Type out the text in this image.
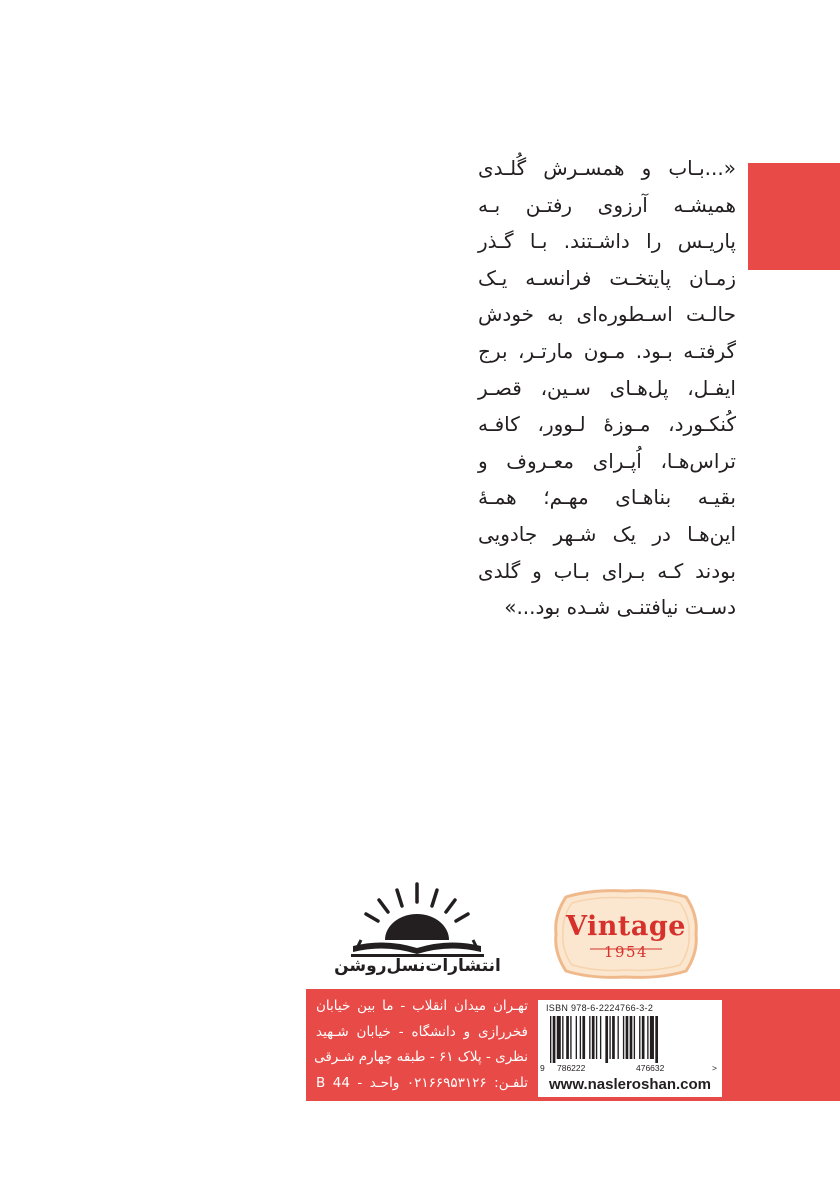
«...بـاب و همسـرش گُلـدی
همیشـه آرزوی رفتـن بـه
پاریـس را داشـتند. بـا گـذر
زمـان پایتخـت فرانسـه یـک
حالـت اسـطوره‌ای به خودش
گرفتـه بـود. مـون مارتـر، برج
ایفـل، پل‌هـای سـین، قصـر
کُنکـورد، مـوزهٔ لـوور، کافـه
تراس‌هـا، اُپـرای معـروف و
بقیـه بناهـای مهـم؛ همـهٔ
این‌هـا در یک شـهر جادویی
بودند کـه بـرای بـاب و گلدی
دسـت نیافتنـی شـده بود...»
Vintage
1954
انتشارات‌نسل‌روشن
تهـران میدان انقلاب - ما بین خیابان
فخررازی و دانشگاه - خیابان شـهید
نظری - پلاک ۶۱ - طبقه چهارم شـرقی
تلفـن: ۰۲۱۶۶۹۵۳۱۲۶ واحـد - 44 B
ISBN 978-6-2224766-3-2
9 786222	476632	>
www.nasleroshan.com
